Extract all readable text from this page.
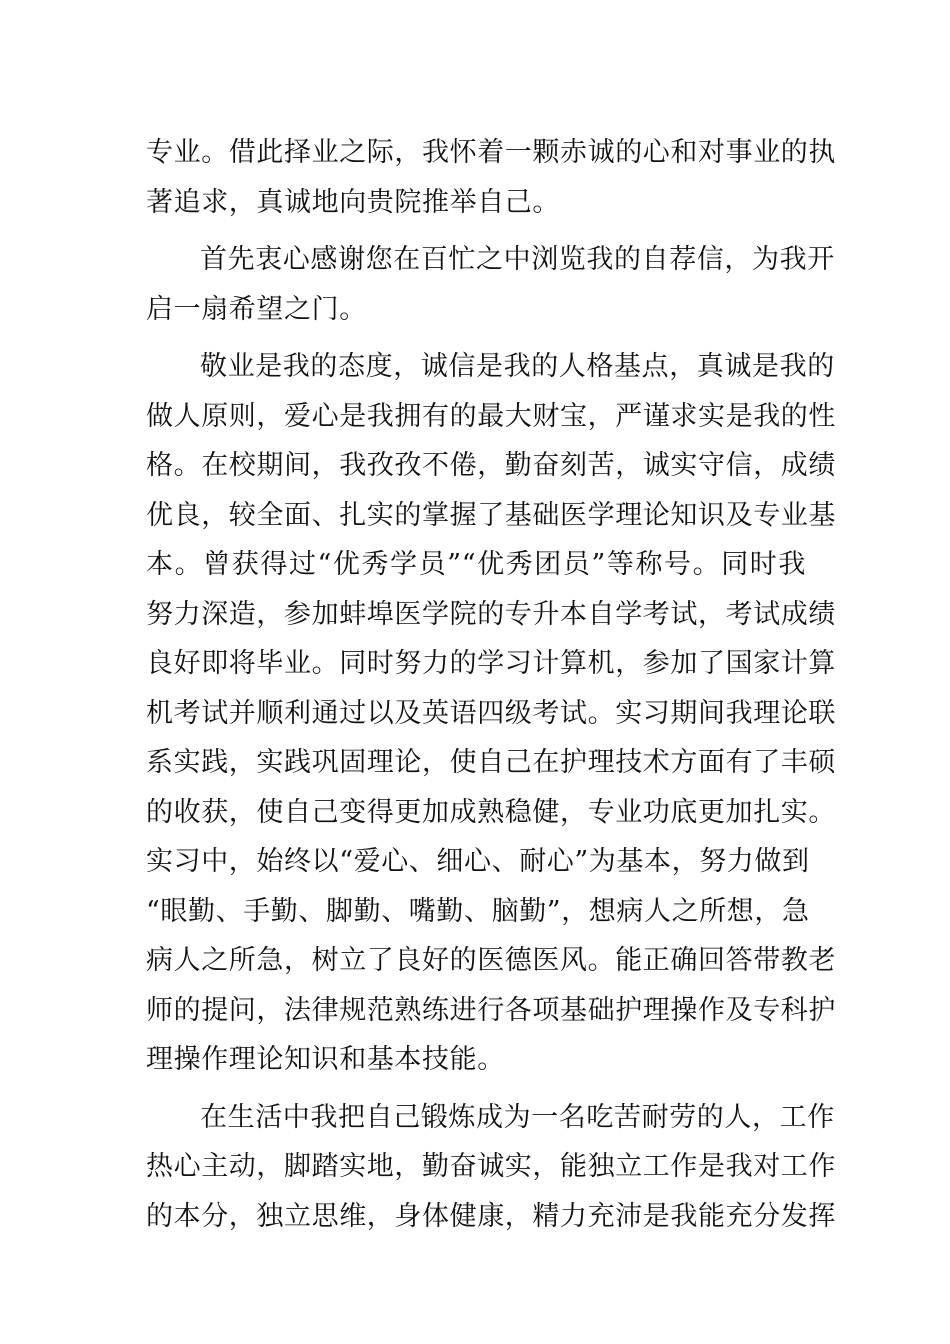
专业。借此择业之际，我怀着一颗赤诚的心和对事业的执
著追求，真诚地向贵院推举自己。

首先衷心感谢您在百忙之中浏览我的自荐信，为我开
启一扇希望之门。

敬业是我的态度，诚信是我的人格基点，真诚是我的
做人原则，爱心是我拥有的最大财宝，严谨求实是我的性
格。在校期间，我孜孜不倦，勤奋刻苦，诚实守信，成绩
优良，较全面、扎实的掌握了基础医学理论知识及专业基
本。曾获得过“优秀学员”“优秀团员”等称号。同时我
努力深造，参加蚌埠医学院的专升本自学考试，考试成绩
良好即将毕业。同时努力的学习计算机，参加了国家计算
机考试并顺利通过以及英语四级考试。实习期间我理论联
系实践，实践巩固理论，使自己在护理技术方面有了丰硕
的收获，使自己变得更加成熟稳健，专业功底更加扎实。
实习中，始终以“爱心、细心、耐心”为基本，努力做到
“眼勤、手勤、脚勤、嘴勤、脑勤”，想病人之所想，急
病人之所急，树立了良好的医德医风。能正确回答带教老
师的提问，法律规范熟练进行各项基础护理操作及专科护
理操作理论知识和基本技能。

在生活中我把自己锻炼成为一名吃苦耐劳的人，工作
热心主动，脚踏实地，勤奋诚实，能独立工作是我对工作
的本分，独立思维，身体健康，精力充沛是我能充分发挥
